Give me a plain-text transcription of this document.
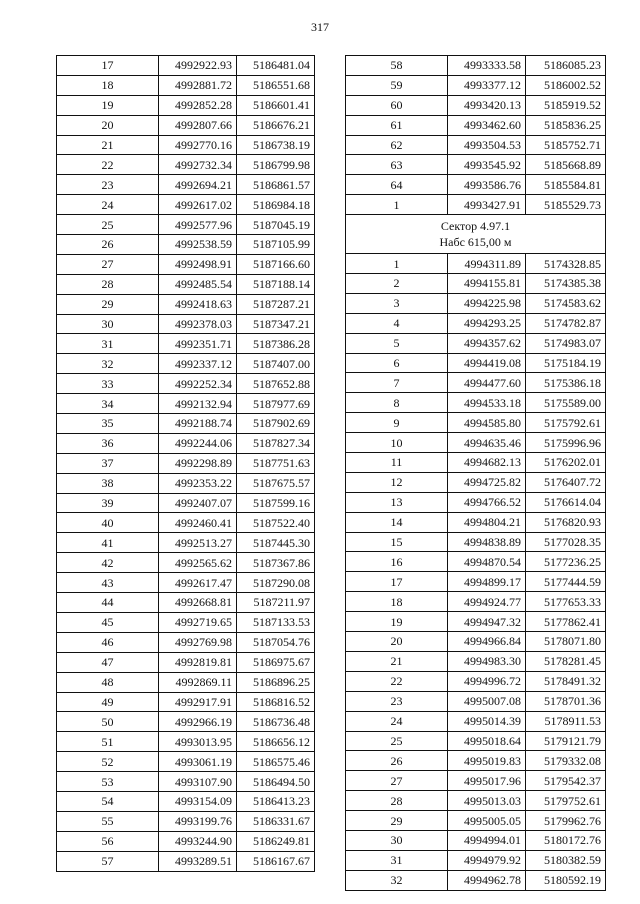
317
17	4992922.93	5186481.04
18	4992881.72	5186551.68
19	4992852.28	5186601.41
20	4992807.66	5186676.21
21	4992770.16	5186738.19
22	4992732.34	5186799.98
23	4992694.21	5186861.57
24	4992617.02	5186984.18
25	4992577.96	5187045.19
26	4992538.59	5187105.99
27	4992498.91	5187166.60
28	4992485.54	5187188.14
29	4992418.63	5187287.21
30	4992378.03	5187347.21
31	4992351.71	5187386.28
32	4992337.12	5187407.00
33	4992252.34	5187652.88
34	4992132.94	5187977.69
35	4992188.74	5187902.69
36	4992244.06	5187827.34
37	4992298.89	5187751.63
38	4992353.22	5187675.57
39	4992407.07	5187599.16
40	4992460.41	5187522.40
41	4992513.27	5187445.30
42	4992565.62	5187367.86
43	4992617.47	5187290.08
44	4992668.81	5187211.97
45	4992719.65	5187133.53
46	4992769.98	5187054.76
47	4992819.81	5186975.67
48	4992869.11	5186896.25
49	4992917.91	5186816.52
50	4992966.19	5186736.48
51	4993013.95	5186656.12
52	4993061.19	5186575.46
53	4993107.90	5186494.50
54	4993154.09	5186413.23
55	4993199.76	5186331.67
56	4993244.90	5186249.81
57	4993289.51	5186167.67
58	4993333.58	5186085.23
59	4993377.12	5186002.52
60	4993420.13	5185919.52
61	4993462.60	5185836.25
62	4993504.53	5185752.71
63	4993545.92	5185668.89
64	4993586.76	5185584.81
1	4993427.91	5185529.73

Сектор 4.97.1
Набс 615,00 м		

1	4994311.89	5174328.85
2	4994155.81	5174385.38
3	4994225.98	5174583.62
4	4994293.25	5174782.87
5	4994357.62	5174983.07
6	4994419.08	5175184.19
7	4994477.60	5175386.18
8	4994533.18	5175589.00
9	4994585.80	5175792.61
10	4994635.46	5175996.96
11	4994682.13	5176202.01
12	4994725.82	5176407.72
13	4994766.52	5176614.04
14	4994804.21	5176820.93
15	4994838.89	5177028.35
16	4994870.54	5177236.25
17	4994899.17	5177444.59
18	4994924.77	5177653.33
19	4994947.32	5177862.41
20	4994966.84	5178071.80
21	4994983.30	5178281.45
22	4994996.72	5178491.32
23	4995007.08	5178701.36
24	4995014.39	5178911.53
25	4995018.64	5179121.79
26	4995019.83	5179332.08
27	4995017.96	5179542.37
28	4995013.03	5179752.61
29	4995005.05	5179962.76
30	4994994.01	5180172.76
31	4994979.92	5180382.59
32	4994962.78	5180592.19
